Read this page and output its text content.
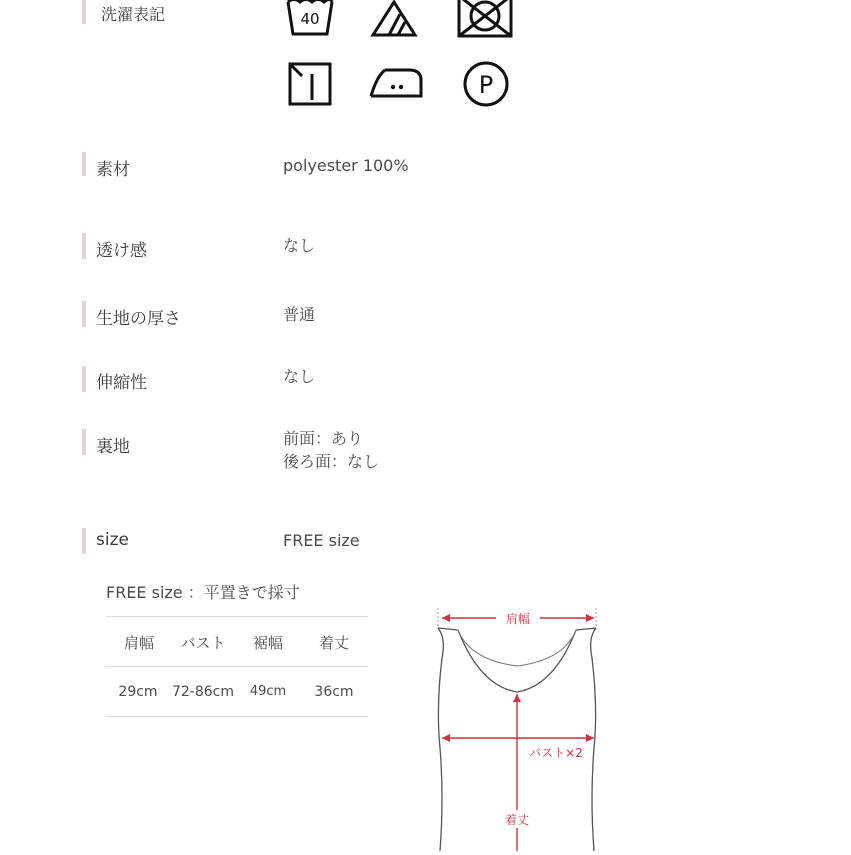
洗濯表記	40
P
素材	polyester 100%
透け感	なし
生地の厚さ	普通
伸縮性	なし
裏地	前面：あり
後ろ面：なし
size	FREE size
FREE size ：平置きで採寸
肩幅	バスト	裾幅	着丈
29cm	72-86cm	49cm	36cm
肩幅
バスト×2
着丈
